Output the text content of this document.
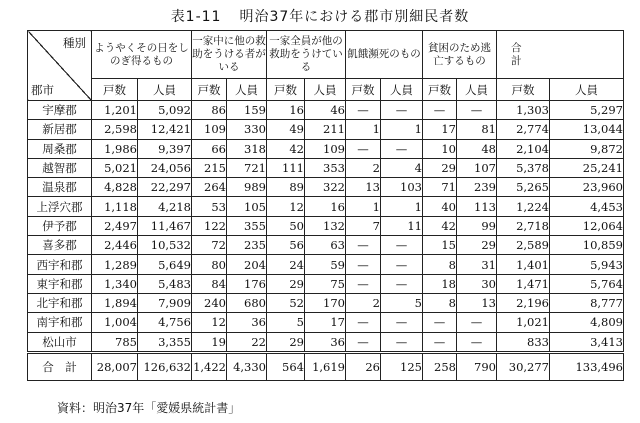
表1-11 明治37年における郡市別細民者数
種別
郡市	ようやくその日をしのぎ得るもの		一家中に他の救助をうける者がいる		一家全員が他の救助をうけている		飢餓瀕死のもの		貧困のため逃亡するもの		合　計	
	戸数	人員	戸数	人員	戸数	人員	戸数	人員	戸数	人員	戸数	人員
宇摩郡	1,201	5,092	86	159	16	46	—	—	—	—	1,303	5,297
新居郡	2,598	12,421	109	330	49	211	1	1	17	81	2,774	13,044
周桑郡	1,986	9,397	66	318	42	109	—	—	10	48	2,104	9,872
越智郡	5,021	24,056	215	721	111	353	2	4	29	107	5,378	25,241
温泉郡	4,828	22,297	264	989	89	322	13	103	71	239	5,265	23,960
上浮穴郡	1,118	4,218	53	105	12	16	1	1	40	113	1,224	4,453
伊予郡	2,497	11,467	122	355	50	132	7	11	42	99	2,718	12,064
喜多郡	2,446	10,532	72	235	56	63	—	—	15	29	2,589	10,859
西宇和郡	1,289	5,649	80	204	24	59	—	—	8	31	1,401	5,943
東宇和郡	1,340	5,483	84	176	29	75	—	—	18	30	1,471	5,764
北宇和郡	1,894	7,909	240	680	52	170	2	5	8	13	2,196	8,777
南宇和郡	1,004	4,756	12	36	5	17	—	—	—	—	1,021	4,809
松山市	785	3,355	19	22	29	36	—	—	—	—	833	3,413
合　計	28,007	126,632	1,422	4,330	564	1,619	26	125	258	790	30,277	133,496
資料：明治37年「愛媛県統計書」
